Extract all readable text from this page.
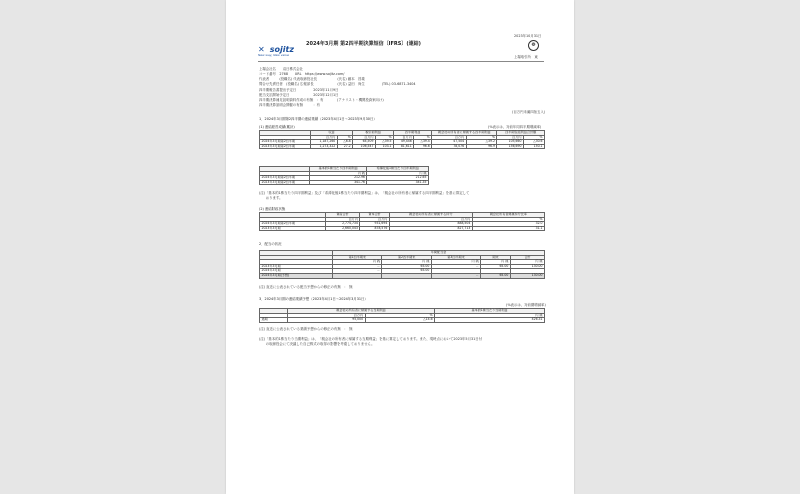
✕ sojitz
New way, New value
2024年3月期 第2四半期決算短信〔IFRS〕(連結)	❁
2023年10月31日
上場取引所　東
上場会社名　　双日株式会社
コード番号　2768　　URL　https://www.sojitz.com/
代表者　　　(役職名) 代表取締役社長　　　　　　(氏名) 藤本　昌義
問合せ先責任者　(役職名) 広報部長　　　　　　　(氏名) 益田　尚生　　　　　(TEL) 03-6871-3404
四半期報告書提出予定日　　　　　2023年11月9日
配当支払開始予定日　　　　　　　2023年12月1日
四半期決算補足説明資料作成の有無　：有　　　　(アナリスト・機関投資家向け)
四半期決算説明会開催の有無　　　：有
(百万円未満四捨五入)
1．2024年3月期第2四半期の連結業績（2023年4月1日～2023年9月30日）
(1) 連結経営成績(累計)	(%表示は、対前年同四半期増減率)
	収益		税引前利益		四半期利益		親会社の所有者に帰属する四半期利益		四半期包括利益合計額	
	百万円	%	百万円	%	百万円	%	百万円	%	百万円	%
2024年3月期第2四半期	1,187,260	△6.8	64,509	△39.5	49,446	△39.4	47,504	△39.2	105,660	△30.6
2023年3月期第2四半期	1,273,322	27.2	106,547	103.1	81,611	96.6	78,076	96.9	156,690	150.1
	基本的1株当たり四半期利益	希薄化後1株当たり四半期利益
	円 銭	円 銭
2024年3月期第2四半期	212.96	212.65
2023年3月期第2四半期	341.76	341.35
(注)「基本的1株当たり四半期利益」及び「希薄化後1株当たり四半期利益」は、「親会社の所有者に帰属する四半期利益」を基に算定して
　　おります。
(2) 連結財政状態
	資産合計	資本合計	親会社の所有者に帰属する持分	親会社所有者帰属持分比率
	百万円	百万円	百万円	%
2024年3月期第2四半期	2,774,734	931,694	888,504	32.0
2023年3月期	2,660,043	878,576	827,713	31.1
2．配当の状況
	年間配当金				
	第1四半期末	第2四半期末	第3四半期末	期末	合計
	円 銭	円 銭	円 銭	円 銭	円 銭
2023年3月期	－	65.00	－	65.00	130.00
2024年3月期	－	65.00			
2024年3月期(予想)			－	65.00	130.00
(注) 直近に公表されている配当予想からの修正の有無　：　無
3．2024年3月期の連結業績予想（2023年4月1日～2024年3月31日）
(%表示は、対前期増減率)
	親会社の所有者に帰属する当期利益		基本的1株当たり当期利益
	百万円	%	円 銭
通期	95,000	△14.6	426.31
(注) 直近に公表されている業績予想からの修正の有無　：　無
(注)「基本的1株当たり当期利益」は、「親会社の所有者に帰属する当期利益」を基に算定しております。また、現時点において2023年5月31日付
　　の取締役会にて決議した自己株式の取得の影響を考慮しておりません。
